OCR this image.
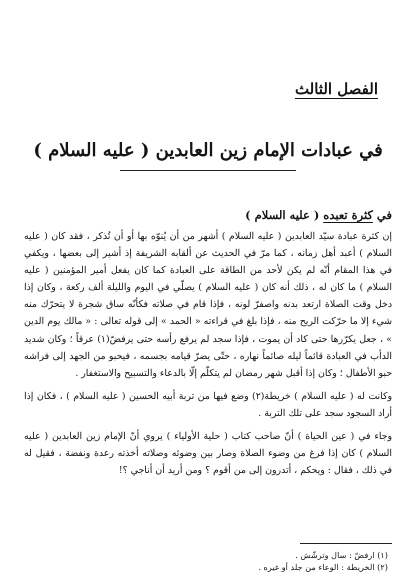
الفصل الثالث
في عبادات الإمام زين العابدين ( عليه السلام )
في كثرة تعبده ( عليه السلام )

إن كثرة عبادة سيّد العابدين ( عليه السلام ) أشهر من أن يُنوّه بها أو أن تُذكر ، فقد كان ( عليه السلام ) أعبد أهل زمانه ، كما مرّ في الحديث عن ألقابه الشريفة إذ أشير إلى بعضها ، ويكفي في هذا المقام أنّه لم يكن لأحد من الطاقة على العبادة كما كان يفعل أمير المؤمنين ( عليه السلام ) ما كان له ، ذلك أنه كان ( عليه السلام ) يصلّي في اليوم والليلة ألف ركعة ، وكان إذا دخل وقت الصلاة ارتعد بدنه واصفرّ لونه ، فإذا قام في صلاته فكأنّه ساق شجرة لا يتحرّك منه شيء إلا ما حرّكت الريح منه ، فإذا بلغ في قراءته « الحمد » إلى قوله تعالى : « مالك يوم الدين » ، جعل يكرّرها حتى كاد أن يموت ، فإذا سجد لم يرفع رأسه حتى يرفضّ(١) عرقاً ؛ وكان شديد الدأب في العبادة قائماً ليله صائماً نهاره ، حتّى يضرّ قيامه بجسمه ، فيحبو من الجهد إلى فراشه حبو الأطفال ؛ وكان إذا أقبل شهر رمضان لم يتكلّم إلّا بالدعاء والتسبيح والاستغفار .

وكانت له ( عليه السلام ) خريطة(٢) وضع فيها من تربة أبيه الحسين ( عليه السلام ) ، فكان إذا أراد السجود سجد على تلك التربة .

وجاء في ( عين الحياة ) أنّ صاحب كتاب ( حلية الأولياء ) يروي أنّ الإمام زين العابدين ( عليه السلام ) كان إذا فرغ من وضوء الصلاة وصار بين وضوئه وصلاته أخذته رعدة ونفضة ، فقيل له في ذلك ، فقال : ويحكم ، أتدرون إلى من أقوم ؟ ومن أريد أن أناجي ؟!

(١) ارفضّ : سال وترشّش .
(٢) الخريطة : الوعاء من جلد أو غيره .
